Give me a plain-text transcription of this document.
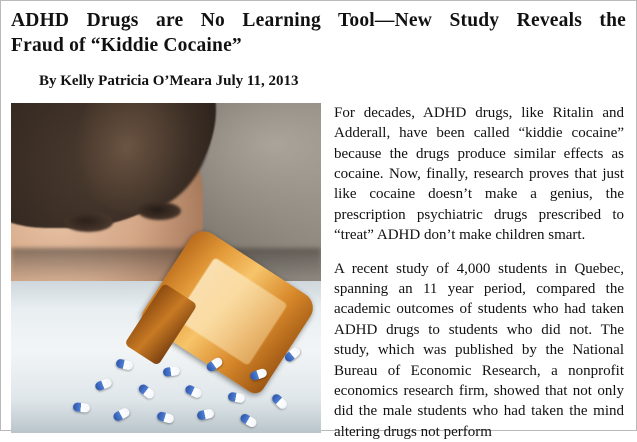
ADHD Drugs are No Learning Tool—New Study Reveals the
Fraud of “Kiddie Cocaine”
By Kelly Patricia O’Meara July 11, 2013

For decades, ADHD drugs, like Ritalin and Adderall, have been called “kiddie cocaine” because the drugs produce similar effects as cocaine. Now, finally, research proves that just like cocaine doesn’t make a genius, the prescription psychiatric drugs prescribed to “treat” ADHD don’t make children smart.

A recent study of 4,000 students in Quebec, spanning an 11 year period, compared the academic outcomes of students who had taken ADHD drugs to students who did not. The study, which was published by the National Bureau of Economic Research, a nonprofit economics research firm, showed that not only did the male students who had taken the mind altering drugs not perform
